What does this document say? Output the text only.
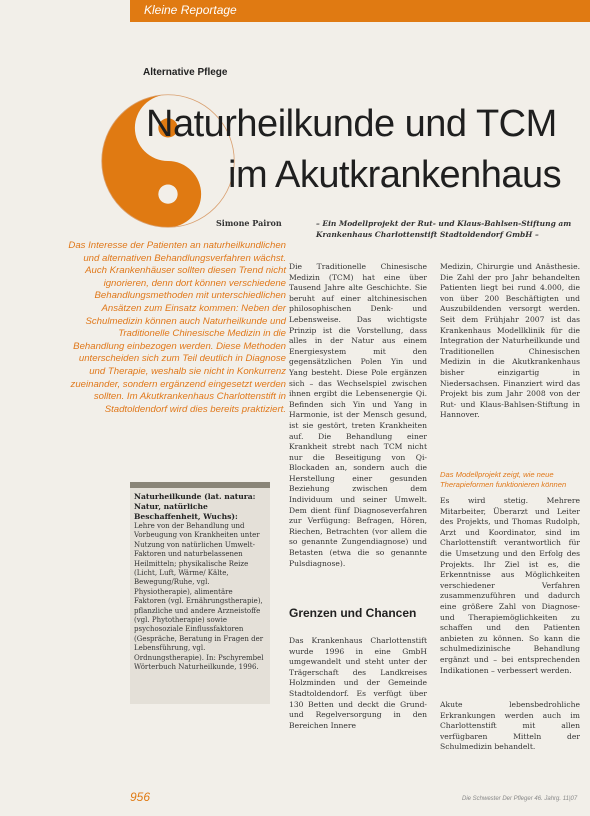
Kleine Reportage
Alternative Pflege
Naturheilkunde und TCM
im Akutkrankenhaus
Simone Pairon	– Ein Modellprojekt der Rut- und Klaus-Bahlsen-Stiftung am Krankenhaus Charlottenstift Stadtoldendorf GmbH –
Das Interesse der Patienten an naturheilkundlichen und alternativen Behandlungsverfahren wächst. Auch Krankenhäuser sollten diesen Trend nicht ignorieren, denn dort können verschiedene Behandlungsmethoden mit unterschiedlichen Ansätzen zum Einsatz kommen: Neben der Schulmedizin können auch Naturheilkunde und Traditionelle Chinesische Medizin in die Behandlung einbezogen werden. Diese Methoden unterscheiden sich zum Teil deutlich in Diagnose und Therapie, weshalb sie nicht in Konkurrenz zueinander, sondern ergänzend eingesetzt werden sollten. Im Akutkrankenhaus Charlottenstift in Stadtoldendorf wird dies bereits praktiziert.
Naturheilkunde (lat. natura: Natur, natürliche Beschaffenheit, Wuchs):
Lehre von der Behandlung und Vorbeugung von Krankheiten unter Nutzung von natürlichen Umwelt-Faktoren und naturbelassenen Heilmitteln; physikalische Reize (Licht, Luft, Wärme/ Kälte, Bewegung/Ruhe, vgl. Physiotherapie), alimentäre Faktoren (vgl. Ernährungstherapie), pflanzliche und andere Arzneistoffe (vgl. Phytotherapie) sowie psychosoziale Einflussfaktoren (Gespräche, Beratung in Fragen der Lebensführung, vgl. Ordnungstherapie). In: Pschyrembel Wörterbuch Naturheilkunde, 1996.
Die Traditionelle Chinesische Medizin (TCM) hat eine über Tausend Jahre alte Geschichte. Sie beruht auf einer altchinesischen philosophischen Denk- und Lebensweise. Das wichtigste Prinzip ist die Vorstellung, dass alles in der Natur aus einem Energiesystem mit den gegensätzlichen Polen Yin und Yang besteht. Diese Pole ergänzen sich – das Wechselspiel zwischen ihnen ergibt die Lebensenergie Qi. Befinden sich Yin und Yang in Harmonie, ist der Mensch gesund, ist sie gestört, treten Krankheiten auf. Die Behandlung einer Krankheit strebt nach TCM nicht nur die Beseitigung von Qi-Blockaden an, sondern auch die Herstellung einer gesunden Beziehung zwischen dem Individuum und seiner Umwelt. Dem dient fünf Diagnoseverfahren zur Verfügung: Befragen, Hören, Riechen, Betrachten (vor allem die so genannte Zungendiagnose) und Betasten (etwa die so genannte Pulsdiagnose).
Grenzen und Chancen
Das Krankenhaus Charlottenstift wurde 1996 in eine GmbH umgewandelt und steht unter der Trägerschaft des Landkreises Holzminden und der Gemeinde Stadtoldendorf. Es verfügt über 130 Betten und deckt die Grund- und Regelversorgung in den Bereichen Innere
Medizin, Chirurgie und Anästhesie. Die Zahl der pro Jahr behandelten Patienten liegt bei rund 4.000, die von über 200 Beschäftigten und Auszubildenden versorgt werden. Seit dem Frühjahr 2007 ist das Krankenhaus Modellklinik für die Integration der Naturheilkunde und Traditionellen Chinesischen Medizin in die Akutkrankenhaus bisher einzigartig in Niedersachsen. Finanziert wird das Projekt bis zum Jahr 2008 von der Rut- und Klaus-Bahlsen-Stiftung in Hannover.
Das Modellprojekt zeigt, wie neue Therapieformen funktionieren können
Es wird stetig. Mehrere Mitarbeiter, Überarzt und Leiter des Projekts, und Thomas Rudolph, Arzt und Koordinator, sind im Charlottenstift verantwortlich für die Umsetzung und den Erfolg des Projekts. Ihr Ziel ist es, die Erkenntnisse aus Möglichkeiten verschiedener Verfahren zusammenzuführen und dadurch eine größere Zahl von Diagnose- und Therapiemöglichkeiten zu schaffen und den Patienten anbieten zu können. So kann die schulmedizinische Behandlung ergänzt und – bei entsprechenden Indikationen – verbessert werden.
Akute lebensbedrohliche Erkrankungen werden auch im Charlottenstift mit allen verfügbaren Mitteln der Schulmedizin behandelt.
956	Die Schwester Der Pfleger 46. Jahrg. 11|07
